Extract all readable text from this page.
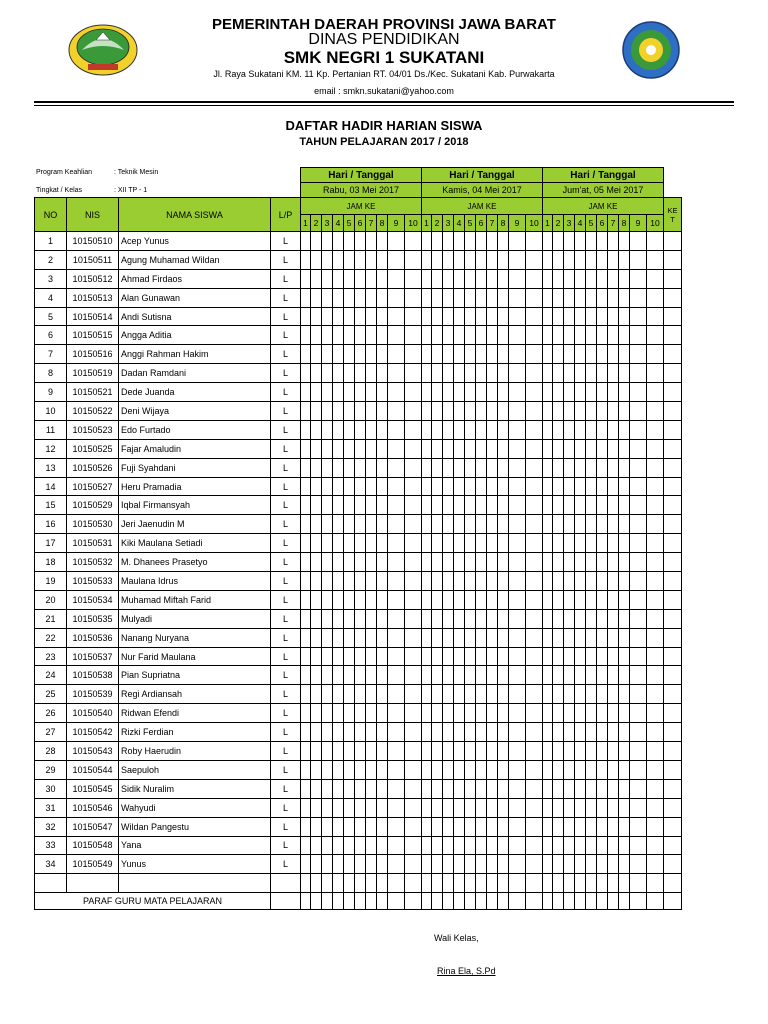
PEMERINTAH DAERAH PROVINSI JAWA BARAT
DINAS PENDIDIKAN
SMK NEGRI 1 SUKATANI
Jl. Raya Sukatani KM. 11 Kp. Pertanian RT. 04/01 Ds./Kec. Sukatani Kab. Purwakarta
email : smkn.sukatani@yahoo.com
DAFTAR HADIR HARIAN SISWA
TAHUN PELAJARAN 2017 / 2018
Program Keahlian	: Teknik Mesin
Tingkat / Kelas	: XII TP - 1
				Hari / Tanggal										Hari / Tanggal										Hari / Tanggal										
				Rabu, 03 Mei 2017										Kamis, 04 Mei 2017										Jum'at, 05 Mei 2017										
NO	NIS	NAMA SISWA	L/P	JAM KE										JAM KE										JAM KE										KE
T
				1	2	3	4	5	6	7	8	9	10	1	2	3	4	5	6	7	8	9	10	1	2	3	4	5	6	7	8	9	10	
1	10150510	Acep Yunus	L																															
2	10150511	Agung Muhamad Wildan	L																															
3	10150512	Ahmad Firdaos	L																															
4	10150513	Alan Gunawan	L																															
5	10150514	Andi Sutisna	L																															
6	10150515	Angga Aditia	L																															
7	10150516	Anggi Rahman Hakim	L																															
8	10150519	Dadan Ramdani	L																															
9	10150521	Dede Juanda	L																															
10	10150522	Deni Wijaya	L																															
11	10150523	Edo Furtado	L																															
12	10150525	Fajar Amaludin	L																															
13	10150526	Fuji Syahdani	L																															
14	10150527	Heru Pramadia	L																															
15	10150529	Iqbal Firmansyah	L																															
16	10150530	Jeri Jaenudin M	L																															
17	10150531	Kiki Maulana Setiadi	L																															
18	10150532	M. Dhanees Prasetyo	L																															
19	10150533	Maulana Idrus	L																															
20	10150534	Muhamad Miftah Farid	L																															
21	10150535	Mulyadi	L																															
22	10150536	Nanang Nuryana	L																															
23	10150537	Nur Farid Maulana	L																															
24	10150538	Pian Supriatna	L																															
25	10150539	Regi Ardiansah	L																															
26	10150540	Ridwan Efendi	L																															
27	10150542	Rizki Ferdian	L																															
28	10150543	Roby Haerudin	L																															
29	10150544	Saepuloh	L																															
30	10150545	Sidik Nuralim	L																															
31	10150546	Wahyudi	L																															
32	10150547	Wildan Pangestu	L																															
33	10150548	Yana	L																															
34	10150549	Yunus	L																															

PARAF GURU MATA PELAJARAN																																		
Wali Kelas,
Rina Ela, S.Pd
